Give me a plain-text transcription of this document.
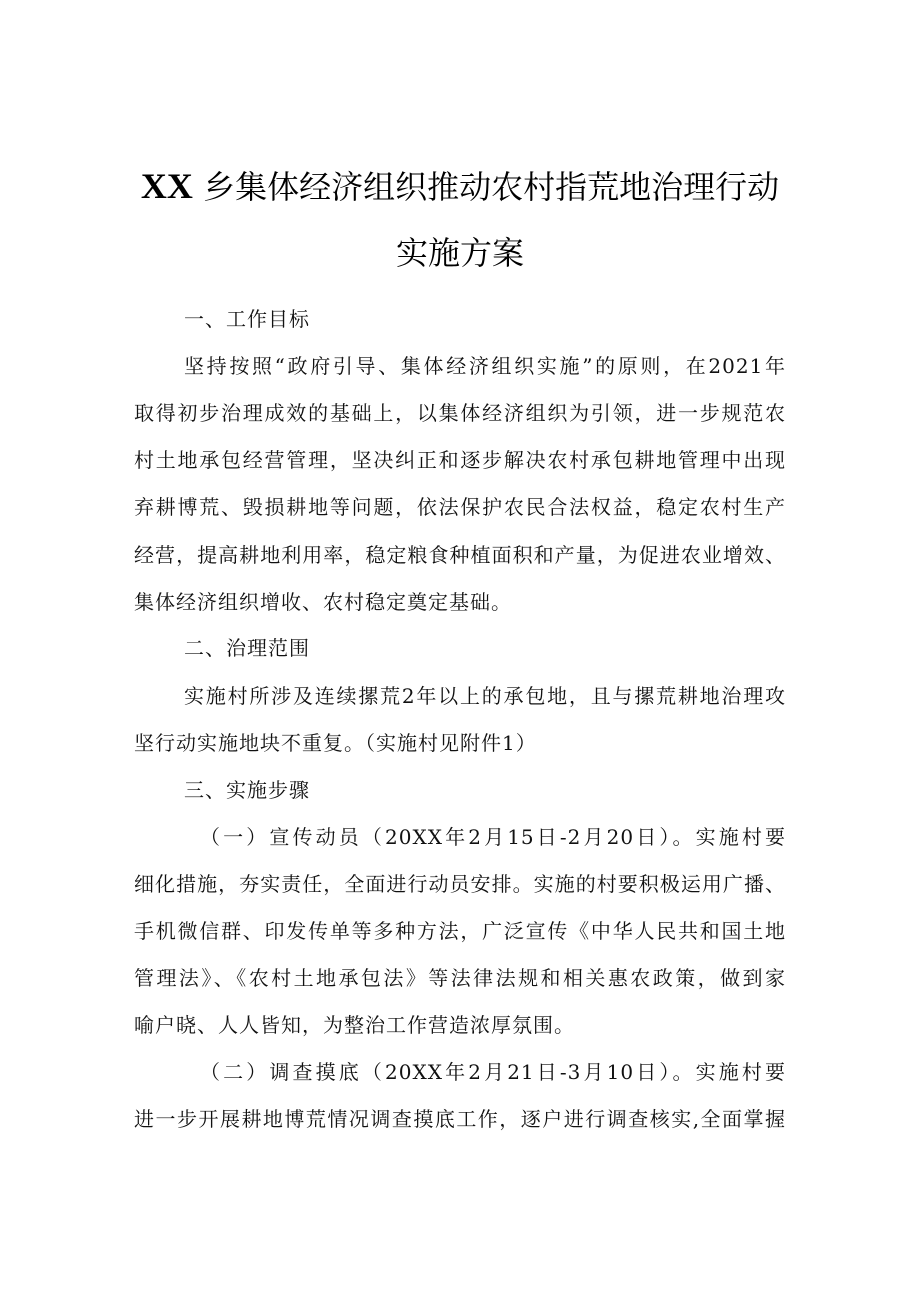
XX 乡集体经济组织推动农村指荒地治理行动
实施方案
一、工作目标
坚持按照“政府引导、集体经济组织实施”的原则，在2021年
取得初步治理成效的基础上，以集体经济组织为引领，进一步规范农
村土地承包经营管理，坚决纠正和逐步解决农村承包耕地管理中出现
弃耕博荒、毁损耕地等问题，依法保护农民合法权益，稳定农村生产
经营，提高耕地利用率，稳定粮食种植面积和产量，为促进农业增效、
集体经济组织增收、农村稳定奠定基础。
二、治理范围
实施村所涉及连续摞荒2年以上的承包地，且与摞荒耕地治理攻
坚行动实施地块不重复。（实施村见附件1）
三、实施步骤
（一）宣传动员（20XX年2月15日-2月20日）。实施村要
细化措施，夯实责任，全面进行动员安排。实施的村要积极运用广播、
手机微信群、印发传单等多种方法，广泛宣传《中华人民共和国土地
管理法》、《农村土地承包法》等法律法规和相关惠农政策，做到家
喻户晓、人人皆知，为整治工作营造浓厚氛围。
（二）调查摸底（20XX年2月21日-3月10日）。实施村要
进一步开展耕地博荒情况调查摸底工作，逐户进行调查核实,全面掌握
